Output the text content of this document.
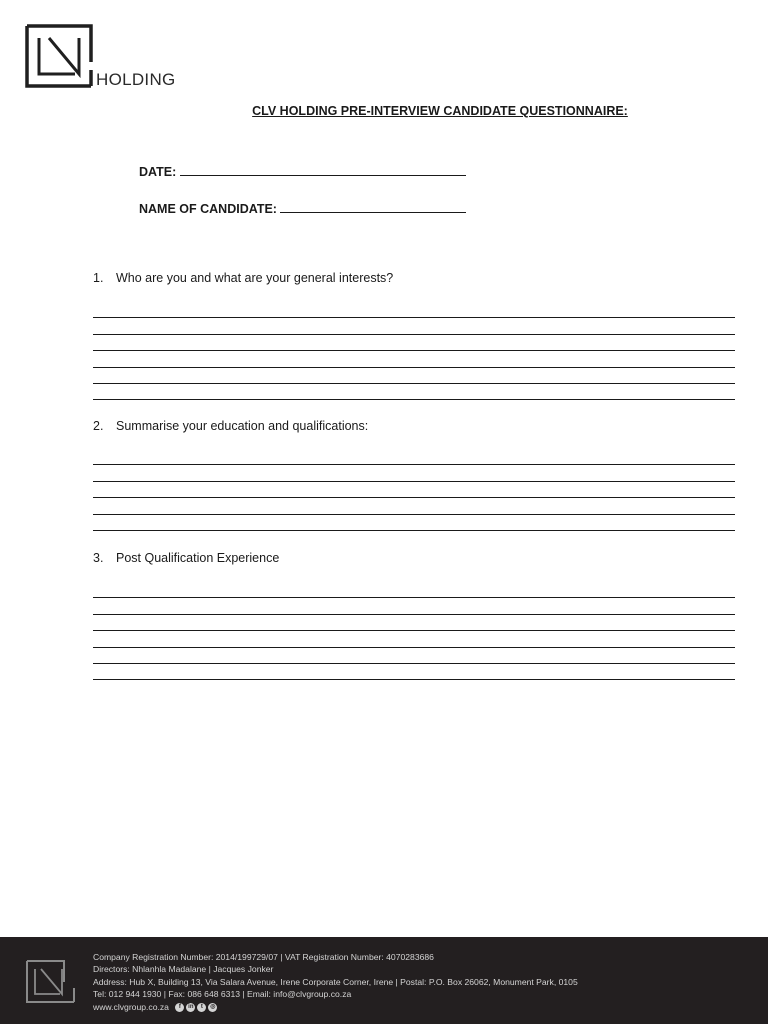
HOLDING
CLV HOLDING PRE-INTERVIEW CANDIDATE QUESTIONNAIRE:
DATE:
NAME OF CANDIDATE:
1. Who are you and what are your general interests?
2. Summarise your education and qualifications:
3. Post Qualification Experience
Company Registration Number: 2014/199729/07 | VAT Registration Number: 4070283686
Directors: Nhlanhla Madalane | Jacques Jonker
Address: Hub X, Building 13, Via Salara Avenue, Irene Corporate Corner, Irene | Postal: P.O. Box 26062, Monument Park, 0105
Tel: 012 944 1930 | Fax: 086 648 6313 | Email: info@clvgroup.co.za
www.clvgroup.co.za	f	in	t	◎
